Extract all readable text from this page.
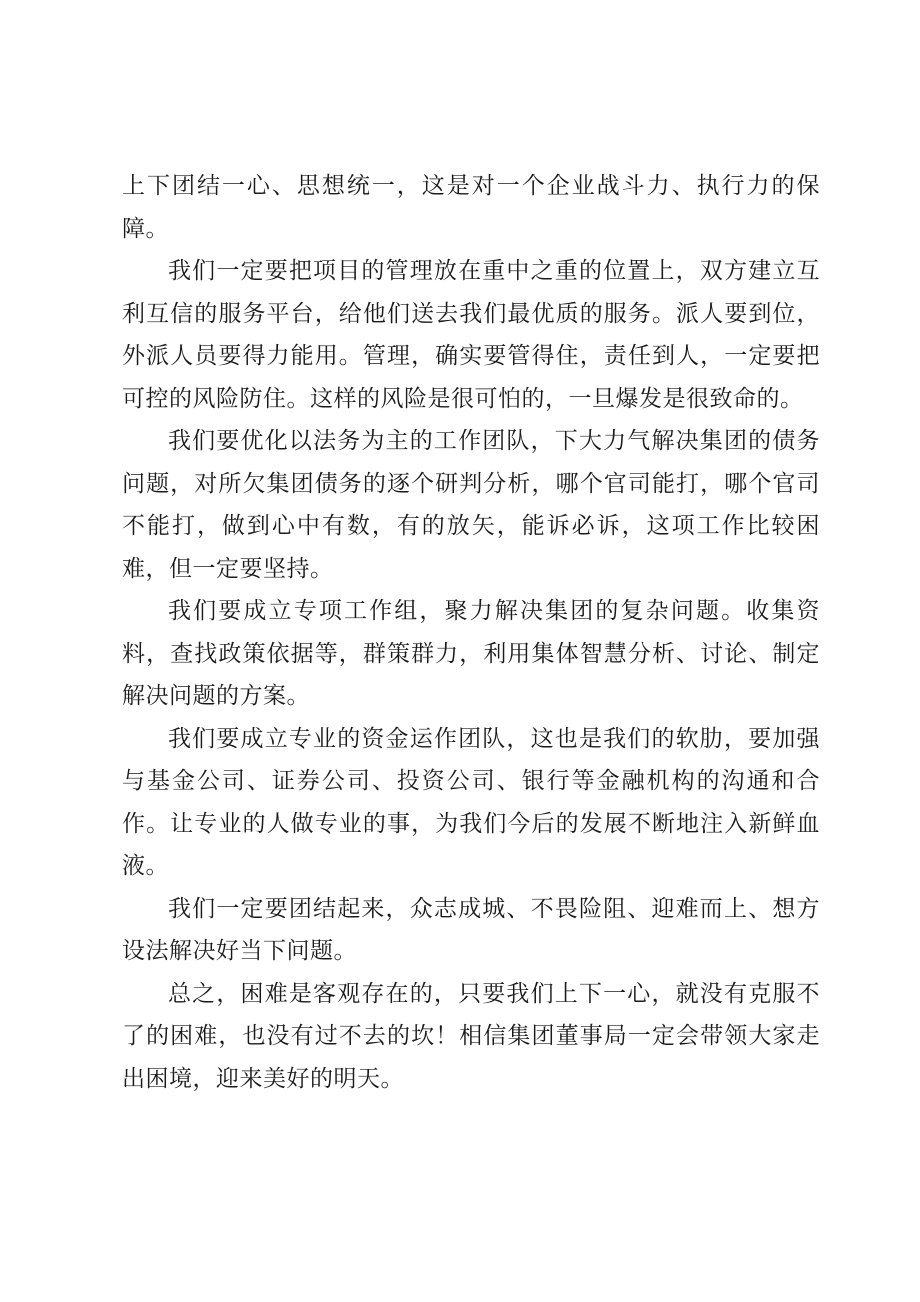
上下团结一心、思想统一，这是对一个企业战斗力、执行力的保障。

我们一定要把项目的管理放在重中之重的位置上，双方建立互利互信的服务平台，给他们送去我们最优质的服务。派人要到位，外派人员要得力能用。管理，确实要管得住，责任到人，一定要把可控的风险防住。这样的风险是很可怕的，一旦爆发是很致命的。

我们要优化以法务为主的工作团队，下大力气解决集团的债务问题，对所欠集团债务的逐个研判分析，哪个官司能打，哪个官司不能打，做到心中有数，有的放矢，能诉必诉，这项工作比较困难，但一定要坚持。

我们要成立专项工作组，聚力解决集团的复杂问题。收集资料，查找政策依据等，群策群力，利用集体智慧分析、讨论、制定解决问题的方案。

我们要成立专业的资金运作团队，这也是我们的软肋，要加强与基金公司、证券公司、投资公司、银行等金融机构的沟通和合作。让专业的人做专业的事，为我们今后的发展不断地注入新鲜血液。

我们一定要团结起来，众志成城、不畏险阻、迎难而上、想方设法解决好当下问题。

总之，困难是客观存在的，只要我们上下一心，就没有克服不了的困难，也没有过不去的坎！相信集团董事局一定会带领大家走出困境，迎来美好的明天。
